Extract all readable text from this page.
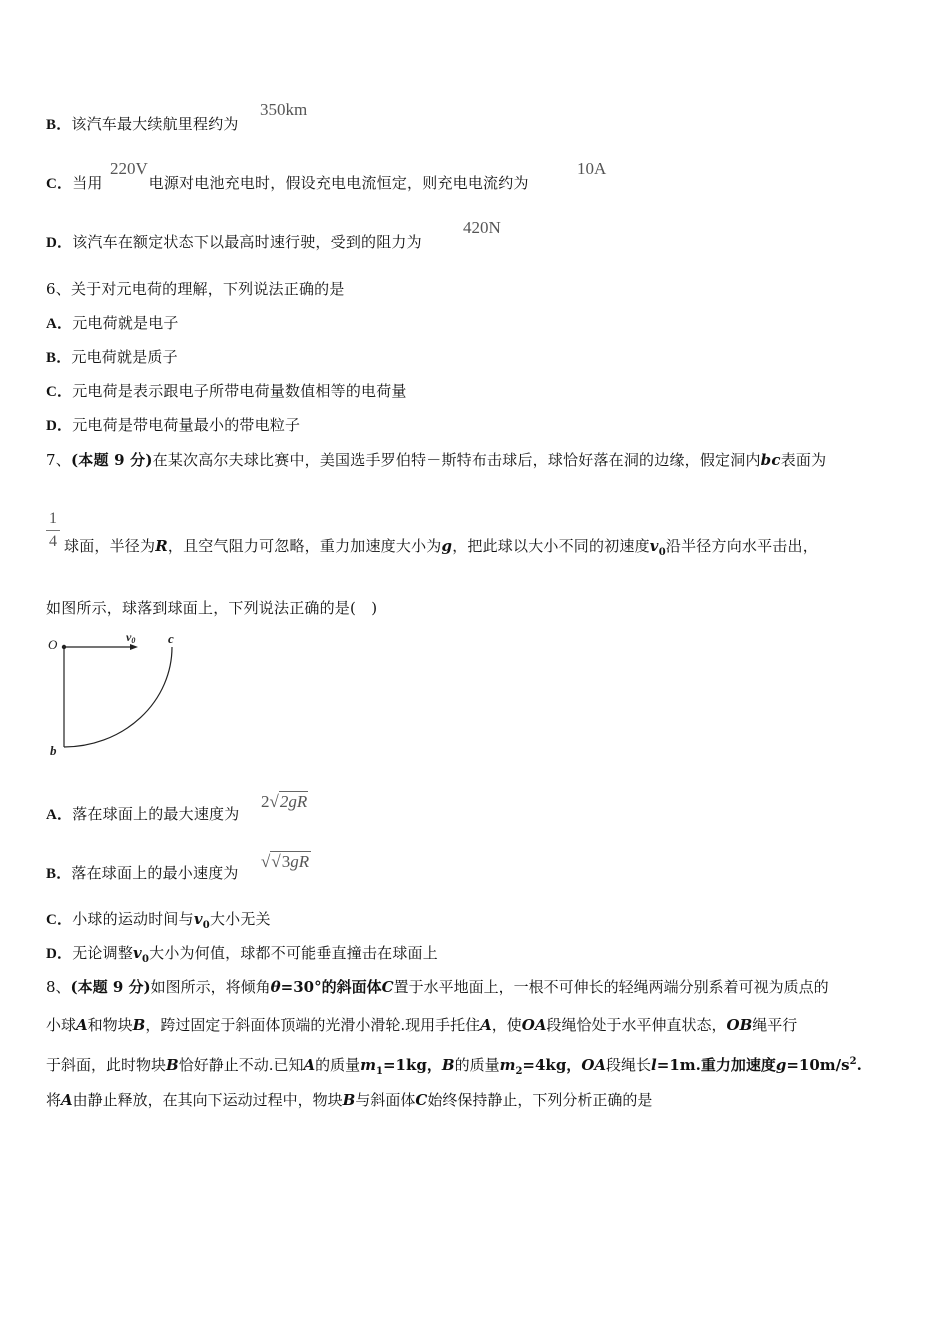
B．该汽车最大续航里程约为
350km
C．当用	电源对电池充电时，假设充电电流恒定，则充电电流约为
220V	10A
D．该汽车在额定状态下以最高时速行驶，受到的阻力为
420N
6、关于对元电荷的理解，下列说法正确的是
A．元电荷就是电子
B．元电荷就是质子
C．元电荷是表示跟电子所带电荷量数值相等的电荷量
D．元电荷是带电荷量最小的带电粒子
7、(本题 9 分)在某次高尔夫球比赛中，美国选手罗伯特－斯特布击球后，球恰好落在洞的边缘，假定洞内bc表面为
1
4 球面，半径为R，且空气阻力可忽略，重力加速度大小为g，把此球以大小不同的初速度$v_0$沿半径方向水平击出，
如图所示，球落到球面上，下列说法正确的是(　)
O	v0	c
b
A．落在球面上的最大速度为
2√2gR
B．落在球面上的最小速度为
√√3gR
C．小球的运动时间与$v_0$大小无关
D．无论调整$v_0$大小为何值，球都不可能垂直撞击在球面上
8、(本题 9 分)如图所示，将倾角θ=30°的斜面体C置于水平地面上，一根不可伸长的轻绳两端分别系着可视为质点的
小球A和物块B，跨过固定于斜面体顶端的光滑小滑轮.现用手托住A，使OA段绳恰处于水平伸直状态，OB绳平行
于斜面，此时物块B恰好静止不动.已知A的质量$m_1=1kg$，B的质量$m_2=4kg$，OA段绳长l=1m.重力加速度$g=10m/s^2$.
将A由静止释放，在其向下运动过程中，物块B与斜面体C始终保持静止，下列分析正确的是
